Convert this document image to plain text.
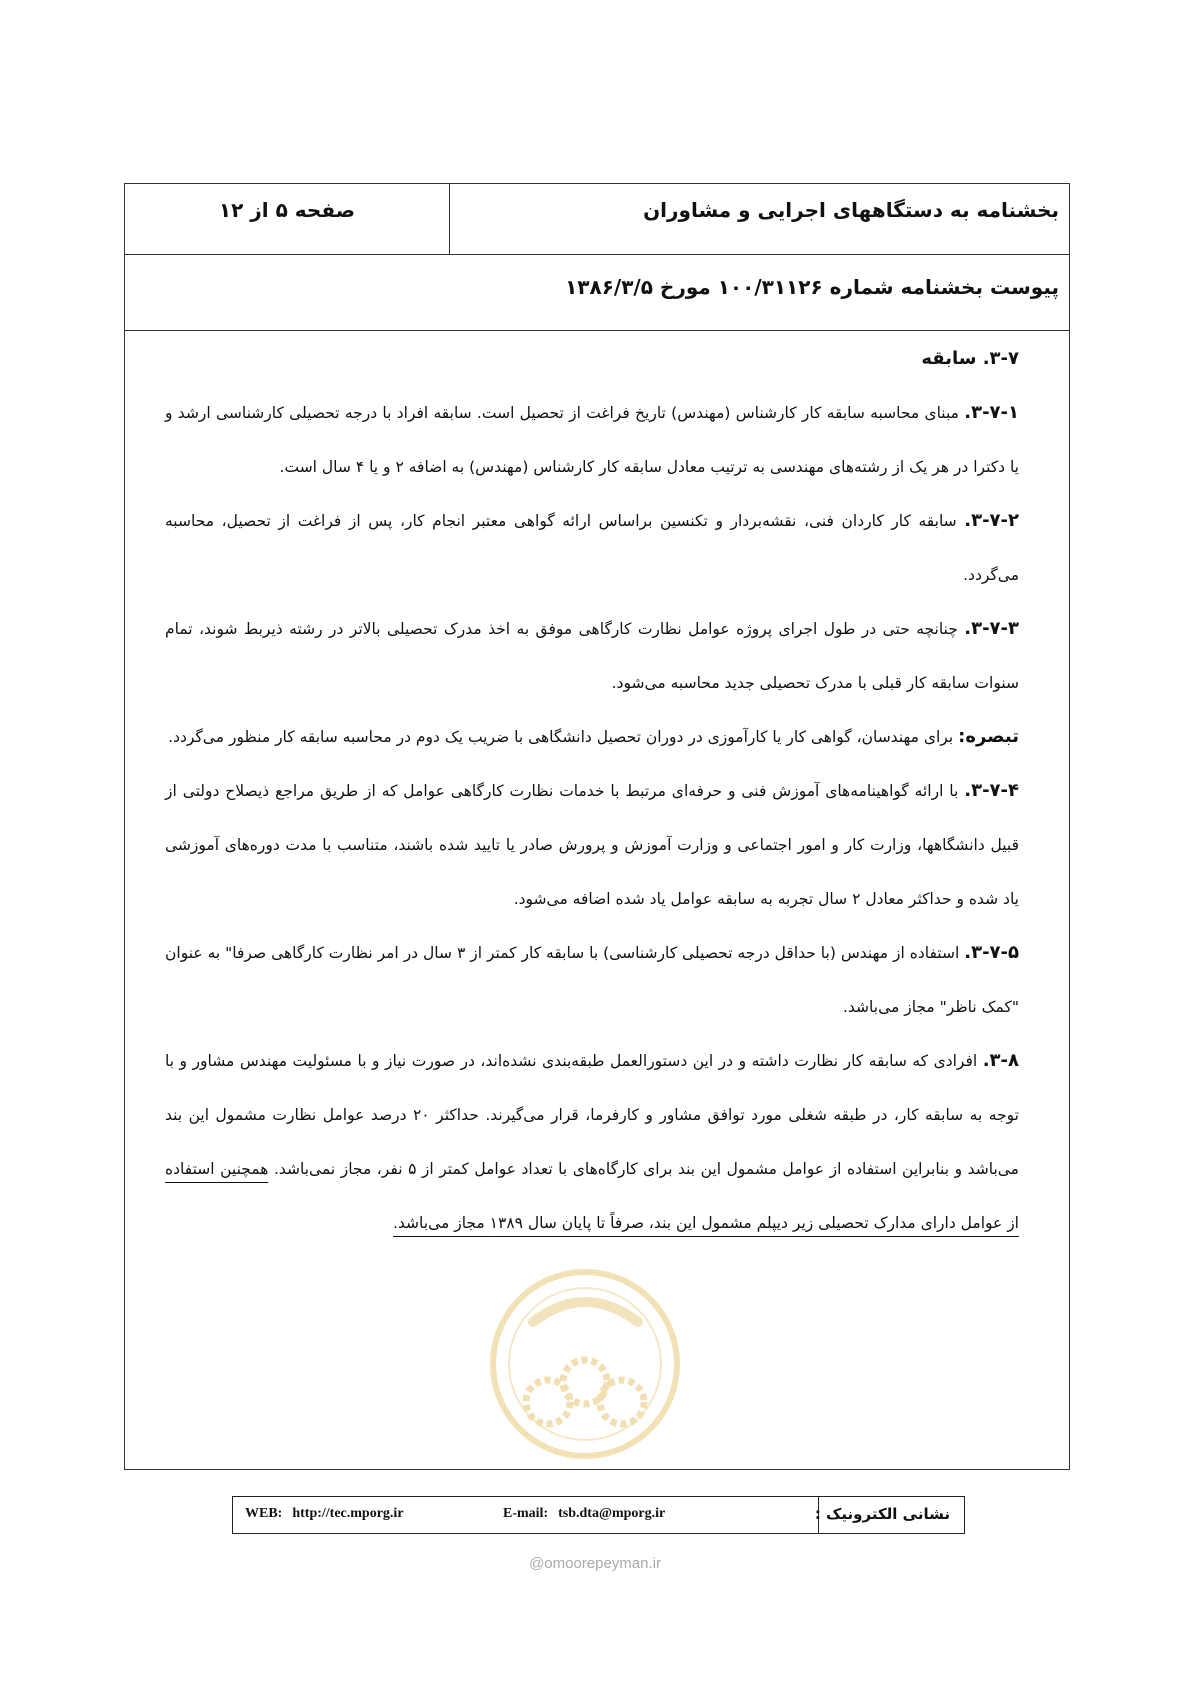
صفحه ۵ از ۱۲	بخشنامه به دستگاههای اجرایی و مشاوران
پیوست بخشنامه شماره ۱۰۰/۳۱۱۲۶ مورخ ۱۳۸۶/۳/۵

۳-۷. سابقه

۳-۷-۱. مبنای محاسبه سابقه کار کارشناس (مهندس) تاریخ فراغت از تحصیل است. سابقه افراد با درجه تحصیلی کارشناسی ارشد و یا دکترا در هر یک از رشته‌های مهندسی به ترتیب معادل سابقه کار کارشناس (مهندس) به اضافه ۲ و یا ۴ سال است.

۳-۷-۲. سابقه کار کاردان فنی، نقشه‌بردار و تکنسین براساس ارائه گواهی معتبر انجام کار، پس از فراغت از تحصیل، محاسبه می‌گردد.

۳-۷-۳. چنانچه حتی در طول اجرای پروژه عوامل نظارت کارگاهی موفق به اخذ مدرک تحصیلی بالاتر در رشته ذیربط شوند، تمام سنوات سابقه کار قبلی با مدرک تحصیلی جدید محاسبه می‌شود.

تبصره: برای مهندسان، گواهی کار یا کارآموزی در دوران تحصیل دانشگاهی با ضریب یک دوم در محاسبه سابقه کار منظور می‌گردد.

۳-۷-۴. با ارائه گواهینامه‌های آموزش فنی و حرفه‌ای مرتبط با خدمات نظارت کارگاهی عوامل که از طریق مراجع ذیصلاح دولتی از قبیل دانشگاهها، وزارت کار و امور اجتماعی و وزارت آموزش و پرورش صادر یا تایید شده باشند، متناسب با مدت دوره‌های آموزشی یاد شده و حداکثر معادل ۲ سال تجربه به سابقه عوامل یاد شده اضافه می‌شود.

۳-۷-۵. استفاده از مهندس (با حداقل درجه تحصیلی کارشناسی) با سابقه کار کمتر از ۳ سال در امر نظارت کارگاهی صرفا" به عنوان "کمک ناظر" مجاز می‌باشد.

۳-۸. افرادی که سابقه کار نظارت داشته و در این دستورالعمل طبقه‌بندی نشده‌اند، در صورت نیاز و با مسئولیت مهندس مشاور و با توجه به سابقه کار، در طبقه شغلی مورد توافق مشاور و کارفرما، قرار می‌گیرند. حداکثر ۲۰ درصد عوامل نظارت مشمول این بند می‌باشد و بنابراین استفاده از عوامل مشمول این بند برای کارگاه‌های با تعداد عوامل کمتر از ۵ نفر، مجاز نمی‌باشد. همچنین استفاده از عوامل دارای مدارک تحصیلی زیر دیپلم مشمول این بند، صرفاً تا پایان سال ۱۳۸۹ مجاز می‌باشد.

نشانی الکترونیک :
WEB: http://tec.mporg.ir	E-mail: tsb.dta@mporg.ir
@omoorepeyman.ir
